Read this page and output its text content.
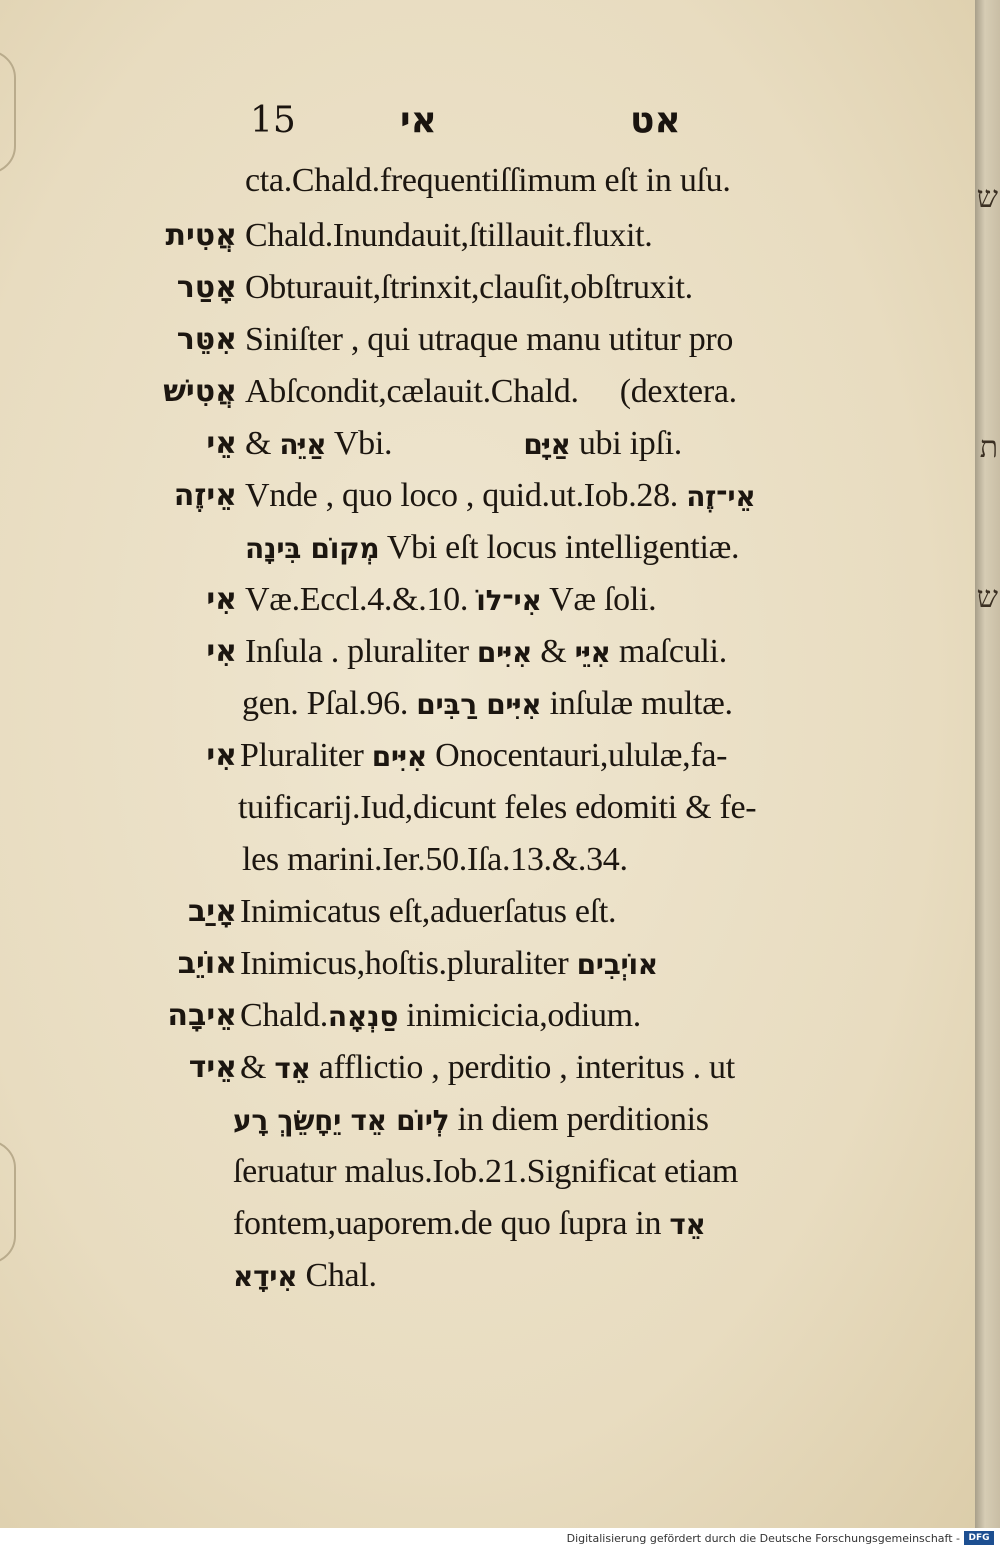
15	אי	אט
cta.Chald.frequentiſſimum eſt in uſu.
אֲטִית Chald.Inundauit,ſtillauit.fluxit.
אָטַר Obturauit,ſtrinxit,clauſit,obſtruxit.
אִטֵּר Siniſter , qui utraque manu utitur pro
אֲטִישׁ Abſcondit,cælauit.Chald.     (dextera.
אֵי & אַיֵּה Vbi.                אַיָּם ubi ipſi.
אֵיזֶה Vnde , quo loco , quid.ut.Iob.28. אֵי־זֶה
מְקוֹם בִּינָה Vbi eſt locus intelligentiæ.
אִי Væ.Eccl.4.&.10. אִי־לוֹ Væ ſoli.
אִי Inſula . pluraliter אִיִּים & אִיֵּי maſculi.
gen. Pſal.96. אִיִּים רַבִּים inſulæ multæ.
אִי Pluraliter אִיִּים Onocentauri,ululæ,fa-
tuificarij.Iud,dicunt feles edomiti & fe-
les marini.Ier.50.Iſa.13.&.34.
אָיַב Inimicatus eſt,aduerſatus eſt.
אוֹיֵב Inimicus,hoſtis.pluraliter אוֹיְבִים
אֵיבָה Chald.סַנְאָה inimicicia,odium.
אֵיד & אֵד afflictio , perditio , interitus . ut
לְיוֹם אֵד יֵחָשֵׂךְ רָע in diem perditionis
ſeruatur malus.Iob.21.Significat etiam
fontem,uaporem.de quo ſupra in אֵד
אִידָא Chal.
ש
ת
ש
Digitalisierung gefördert durch die Deutsche Forschungsgemeinschaft - DFG
